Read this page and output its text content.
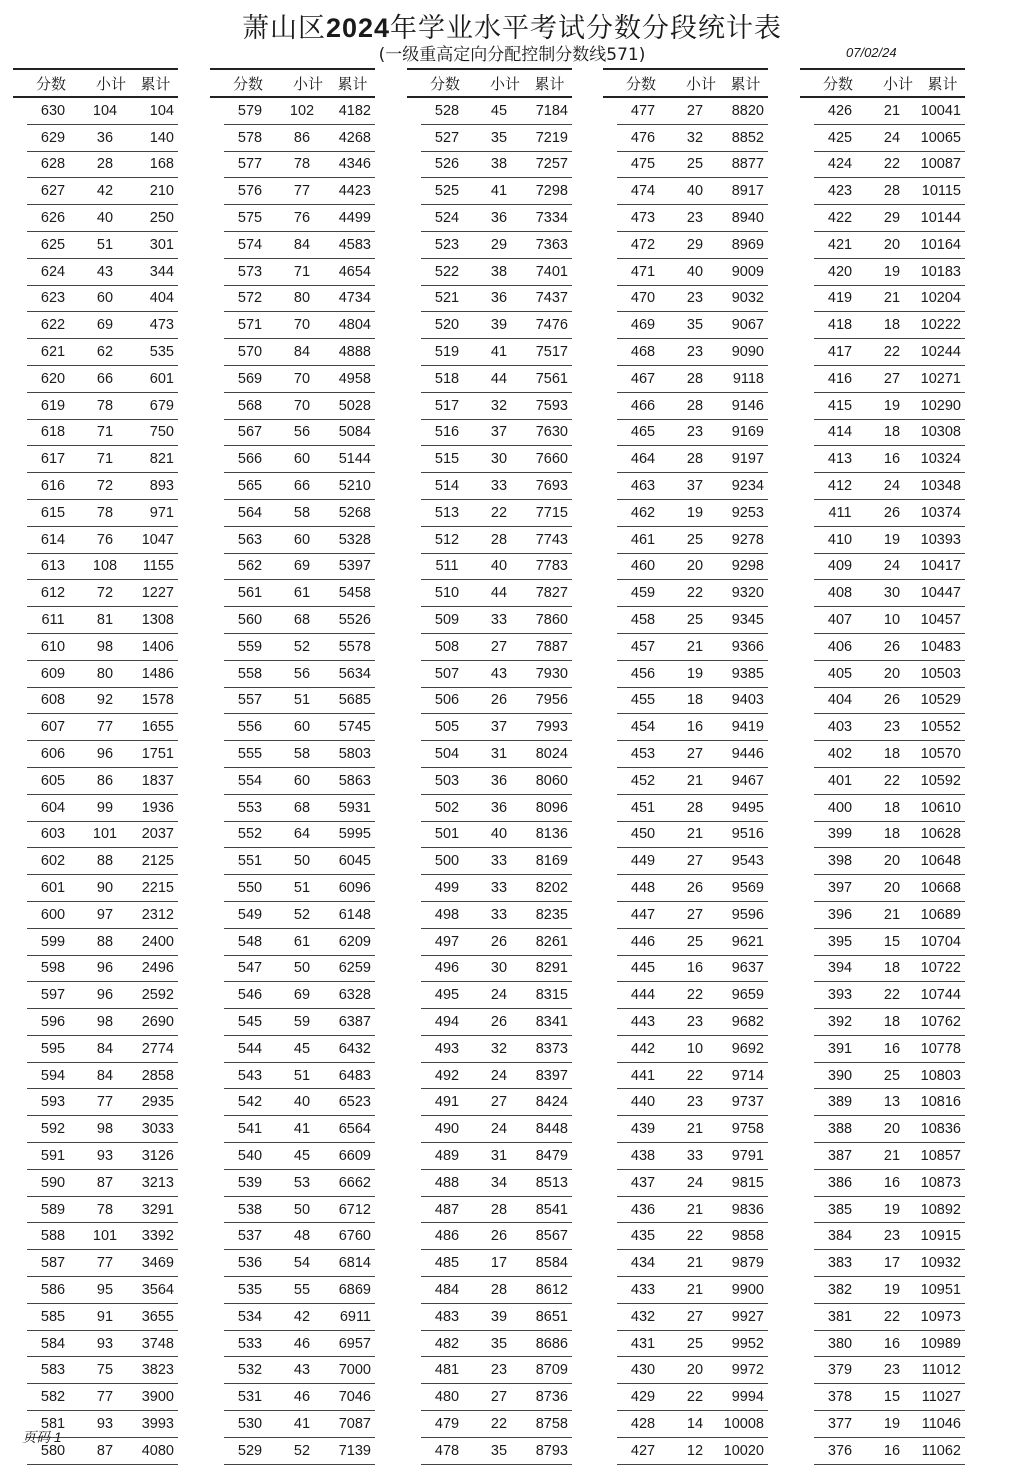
萧山区2024年学业水平考试分数分段统计表
(一级重高定向分配控制分数线571)	07/02/24
分数	小计 累计
630	104	104
629	36	140
628	28	168
627	42	210
626	40	250
625	51	301
624	43	344
623	60	404
622	69	473
621	62	535
620	66	601
619	78	679
618	71	750
617	71	821
616	72	893
615	78	971
614	76	1047
613	108	1155
612	72	1227
611	81	1308
610	98	1406
609	80	1486
608	92	1578
607	77	1655
606	96	1751
605	86	1837
604	99	1936
603	101	2037
602	88	2125
601	90	2215
600	97	2312
599	88	2400
598	96	2496
597	96	2592
596	98	2690
595	84	2774
594	84	2858
593	77	2935
592	98	3033
591	93	3126
590	87	3213
589	78	3291
588	101	3392
587	77	3469
586	95	3564
585	91	3655
584	93	3748
583	75	3823
582	77	3900
581	93	3993
580	87	4080
分数	小计 累计
579	102	4182
578	86	4268
577	78	4346
576	77	4423
575	76	4499
574	84	4583
573	71	4654
572	80	4734
571	70	4804
570	84	4888
569	70	4958
568	70	5028
567	56	5084
566	60	5144
565	66	5210
564	58	5268
563	60	5328
562	69	5397
561	61	5458
560	68	5526
559	52	5578
558	56	5634
557	51	5685
556	60	5745
555	58	5803
554	60	5863
553	68	5931
552	64	5995
551	50	6045
550	51	6096
549	52	6148
548	61	6209
547	50	6259
546	69	6328
545	59	6387
544	45	6432
543	51	6483
542	40	6523
541	41	6564
540	45	6609
539	53	6662
538	50	6712
537	48	6760
536	54	6814
535	55	6869
534	42	6911
533	46	6957
532	43	7000
531	46	7046
530	41	7087
529	52	7139
分数	小计 累计
528	45	7184
527	35	7219
526	38	7257
525	41	7298
524	36	7334
523	29	7363
522	38	7401
521	36	7437
520	39	7476
519	41	7517
518	44	7561
517	32	7593
516	37	7630
515	30	7660
514	33	7693
513	22	7715
512	28	7743
511	40	7783
510	44	7827
509	33	7860
508	27	7887
507	43	7930
506	26	7956
505	37	7993
504	31	8024
503	36	8060
502	36	8096
501	40	8136
500	33	8169
499	33	8202
498	33	8235
497	26	8261
496	30	8291
495	24	8315
494	26	8341
493	32	8373
492	24	8397
491	27	8424
490	24	8448
489	31	8479
488	34	8513
487	28	8541
486	26	8567
485	17	8584
484	28	8612
483	39	8651
482	35	8686
481	23	8709
480	27	8736
479	22	8758
478	35	8793
分数	小计 累计
477	27	8820
476	32	8852
475	25	8877
474	40	8917
473	23	8940
472	29	8969
471	40	9009
470	23	9032
469	35	9067
468	23	9090
467	28	9118
466	28	9146
465	23	9169
464	28	9197
463	37	9234
462	19	9253
461	25	9278
460	20	9298
459	22	9320
458	25	9345
457	21	9366
456	19	9385
455	18	9403
454	16	9419
453	27	9446
452	21	9467
451	28	9495
450	21	9516
449	27	9543
448	26	9569
447	27	9596
446	25	9621
445	16	9637
444	22	9659
443	23	9682
442	10	9692
441	22	9714
440	23	9737
439	21	9758
438	33	9791
437	24	9815
436	21	9836
435	22	9858
434	21	9879
433	21	9900
432	27	9927
431	25	9952
430	20	9972
429	22	9994
428	14	10008
427	12	10020
分数	小计 累计
426	21	10041
425	24	10065
424	22	10087
423	28	10115
422	29	10144
421	20	10164
420	19	10183
419	21	10204
418	18	10222
417	22	10244
416	27	10271
415	19	10290
414	18	10308
413	16	10324
412	24	10348
411	26	10374
410	19	10393
409	24	10417
408	30	10447
407	10	10457
406	26	10483
405	20	10503
404	26	10529
403	23	10552
402	18	10570
401	22	10592
400	18	10610
399	18	10628
398	20	10648
397	20	10668
396	21	10689
395	15	10704
394	18	10722
393	22	10744
392	18	10762
391	16	10778
390	25	10803
389	13	10816
388	20	10836
387	21	10857
386	16	10873
385	19	10892
384	23	10915
383	17	10932
382	19	10951
381	22	10973
380	16	10989
379	23	11012
378	15	11027
377	19	11046
376	16	11062
页码 1
